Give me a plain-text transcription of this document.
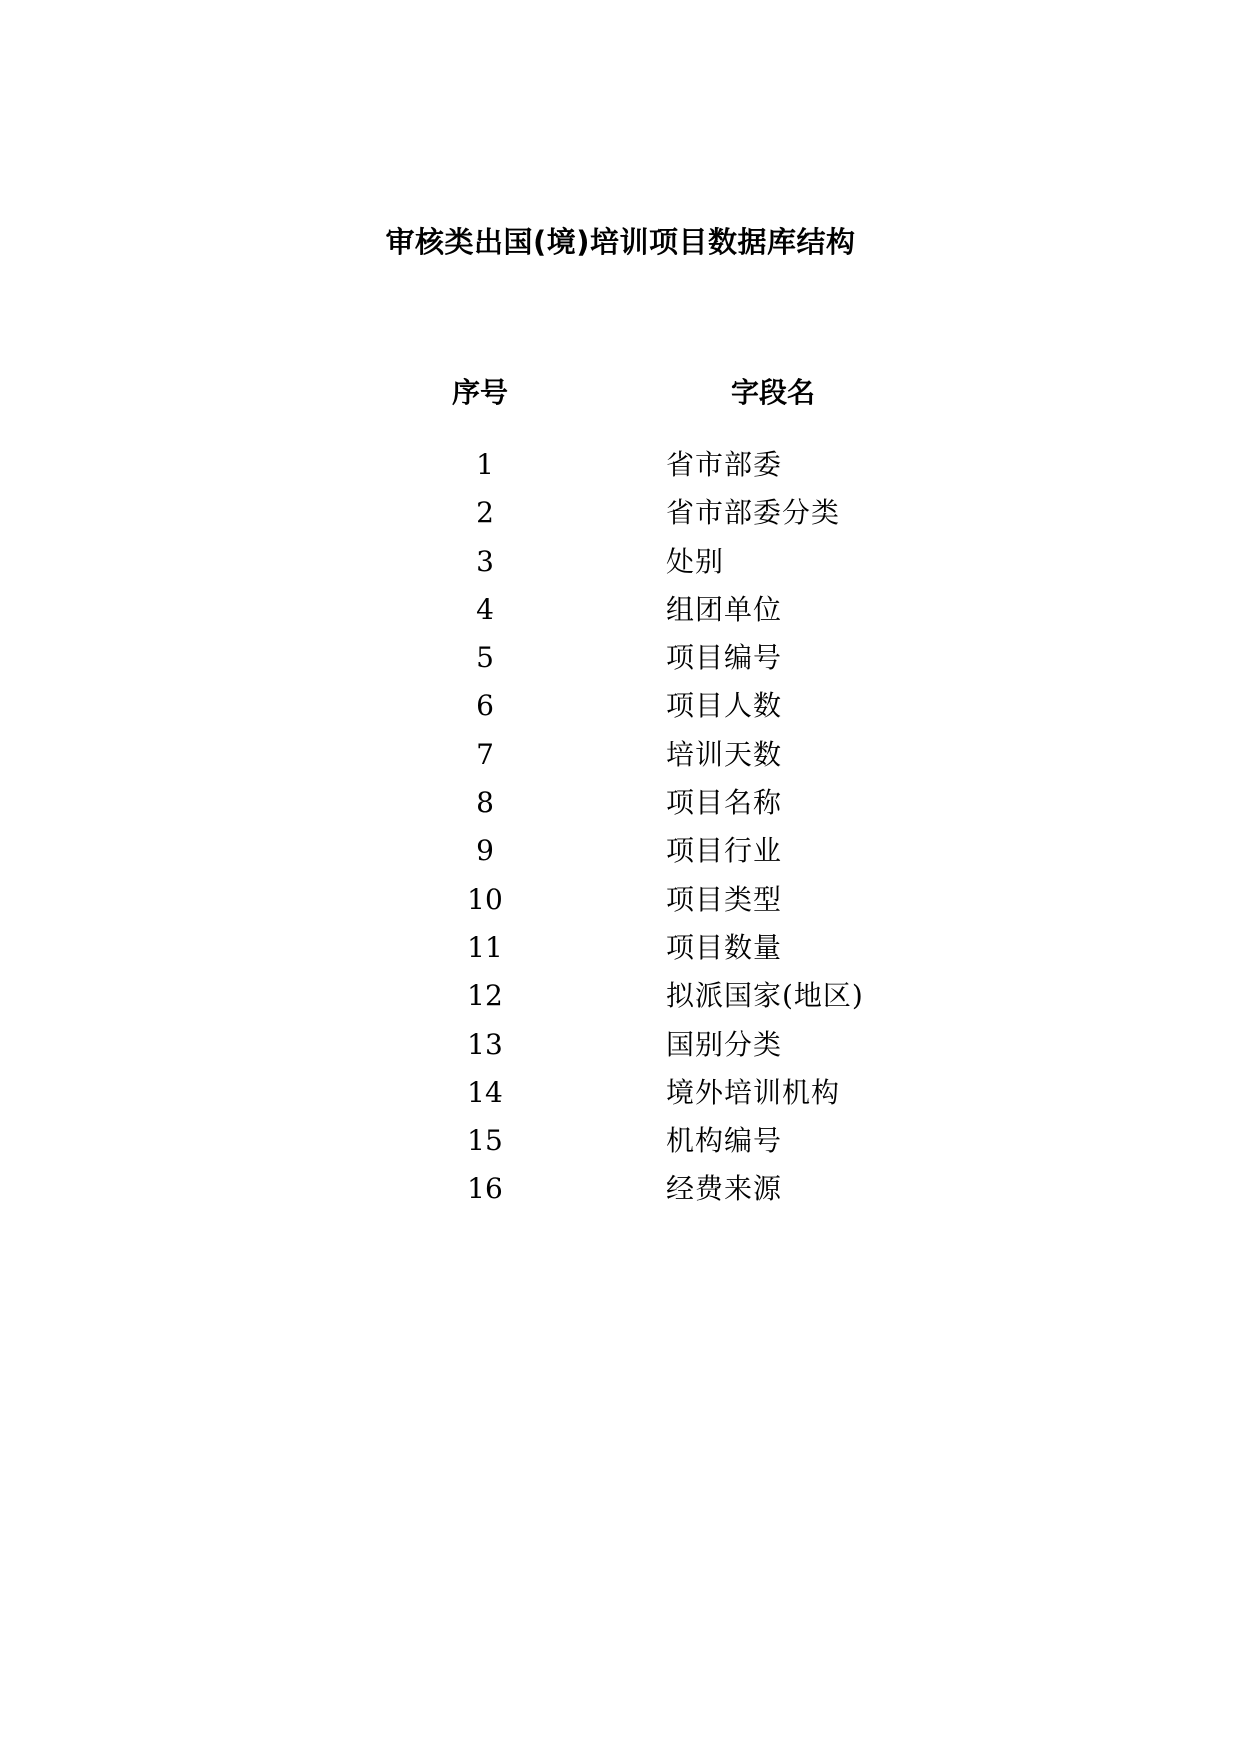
审核类出国(境)培训项目数据库结构
序号	字段名
1	省市部委
2	省市部委分类
3	处别
4	组团单位
5	项目编号
6	项目人数
7	培训天数
8	项目名称
9	项目行业
10	项目类型
11	项目数量
12	拟派国家(地区)
13	国别分类
14	境外培训机构
15	机构编号
16	经费来源
